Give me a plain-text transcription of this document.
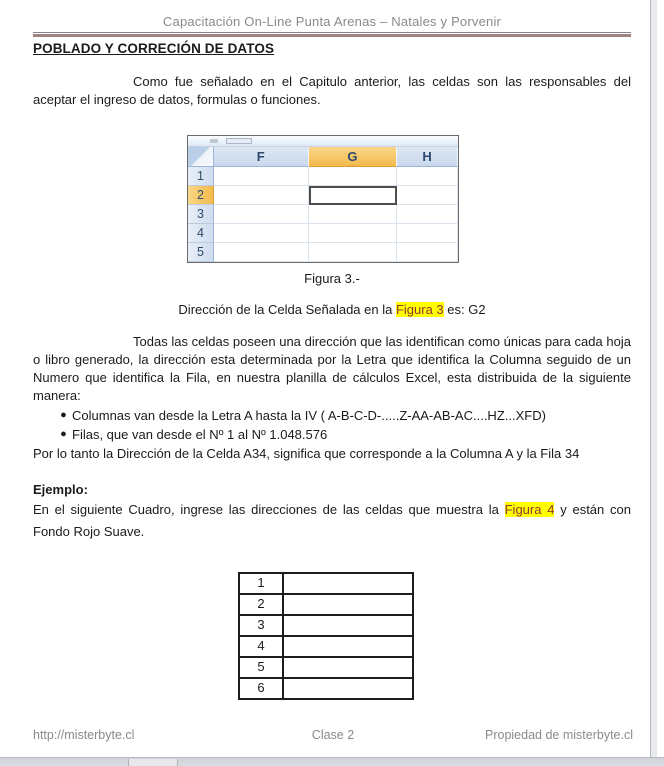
Capacitación On-Line Punta Arenas – Natales y Porvenir
POBLADO Y CORRECIÓN DE DATOS
Como fue señalado en el Capitulo anterior, las celdas son las responsables del aceptar el ingreso de datos, formulas o funciones.
F	G	H
1
2
3
4
5
Figura 3.-
Dirección de la Celda Señalada en la Figura 3 es: G2
Todas las celdas poseen una dirección que las identifican como únicas para cada hoja o libro generado, la dirección esta determinada por la Letra que identifica la Columna seguido de un Numero que identifica la Fila, en nuestra planilla de cálculos Excel, esta distribuida de la siguiente manera:
● Columnas van desde la Letra A hasta la IV ( A-B-C-D-.....Z-AA-AB-AC....HZ...XFD)
● Filas, que van desde el Nº 1 al Nº 1.048.576
Por lo tanto la Dirección de la Celda A34, significa que corresponde a la Columna A y la Fila 34
Ejemplo:
En el siguiente Cuadro, ingrese las direcciones de las celdas que muestra la Figura 4 y están con Fondo Rojo Suave.
1	
2	
3	
4	
5	
6	
http://misterbyte.cl	Clase 2	Propiedad de misterbyte.cl
